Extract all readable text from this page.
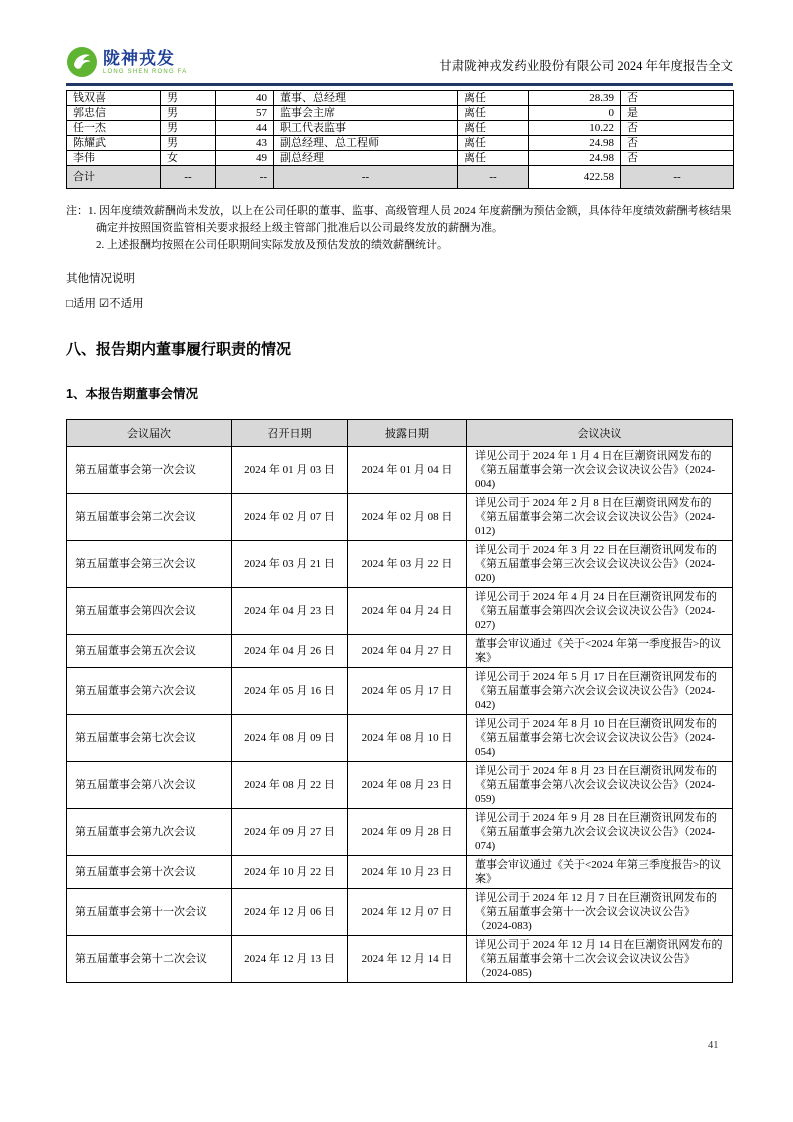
陇神戎发
LONG SHEN RONG FA	甘肃陇神戎发药业股份有限公司 2024 年年度报告全文
钱双喜	男	40	董事、总经理	离任	28.39	否
郭忠信	男	57	监事会主席	离任	0	是
任一杰	男	44	职工代表监事	离任	10.22	否
陈耀武	男	43	副总经理、总工程师	离任	24.98	否
李伟	女	49	副总经理	离任	24.98	否
合计	--	--	--	--	422.58	--
注：1. 因年度绩效薪酬尚未发放，以上在公司任职的董事、监事、高级管理人员 2024 年度薪酬为预估金额，具体待年度绩效薪酬考核结果确定并按照国资监管相关要求报经上级主管部门批准后以公司最终发放的薪酬为准。
2. 上述报酬均按照在公司任职期间实际发放及预估发放的绩效薪酬统计。
其他情况说明
□适用 ☑不适用
八、报告期内董事履行职责的情况
1、本报告期董事会情况
会议届次	召开日期	披露日期	会议决议
第五届董事会第一次会议	2024 年 01 月 03 日	2024 年 01 月 04 日	详见公司于 2024 年 1 月 4 日在巨潮资讯网发布的《第五届董事会第一次会议会议决议公告》（2024-004)
第五届董事会第二次会议	2024 年 02 月 07 日	2024 年 02 月 08 日	详见公司于 2024 年 2 月 8 日在巨潮资讯网发布的《第五届董事会第二次会议会议决议公告》（2024-012)
第五届董事会第三次会议	2024 年 03 月 21 日	2024 年 03 月 22 日	详见公司于 2024 年 3 月 22 日在巨潮资讯网发布的《第五届董事会第三次会议会议决议公告》（2024-020)
第五届董事会第四次会议	2024 年 04 月 23 日	2024 年 04 月 24 日	详见公司于 2024 年 4 月 24 日在巨潮资讯网发布的《第五届董事会第四次会议会议决议公告》（2024-027)
第五届董事会第五次会议	2024 年 04 月 26 日	2024 年 04 月 27 日	董事会审议通过《关于<2024 年第一季度报告>的议案》
第五届董事会第六次会议	2024 年 05 月 16 日	2024 年 05 月 17 日	详见公司于 2024 年 5 月 17 日在巨潮资讯网发布的《第五届董事会第六次会议会议决议公告》（2024-042)
第五届董事会第七次会议	2024 年 08 月 09 日	2024 年 08 月 10 日	详见公司于 2024 年 8 月 10 日在巨潮资讯网发布的《第五届董事会第七次会议会议决议公告》（2024-054)
第五届董事会第八次会议	2024 年 08 月 22 日	2024 年 08 月 23 日	详见公司于 2024 年 8 月 23 日在巨潮资讯网发布的《第五届董事会第八次会议会议决议公告》（2024-059)
第五届董事会第九次会议	2024 年 09 月 27 日	2024 年 09 月 28 日	详见公司于 2024 年 9 月 28 日在巨潮资讯网发布的《第五届董事会第九次会议会议决议公告》（2024-074)
第五届董事会第十次会议	2024 年 10 月 22 日	2024 年 10 月 23 日	董事会审议通过《关于<2024 年第三季度报告>的议案》
第五届董事会第十一次会议	2024 年 12 月 06 日	2024 年 12 月 07 日	详见公司于 2024 年 12 月 7 日在巨潮资讯网发布的《第五届董事会第十一次会议会议决议公告》（2024-083)
第五届董事会第十二次会议	2024 年 12 月 13 日	2024 年 12 月 14 日	详见公司于 2024 年 12 月 14 日在巨潮资讯网发布的《第五届董事会第十二次会议会议决议公告》（2024-085)
41
